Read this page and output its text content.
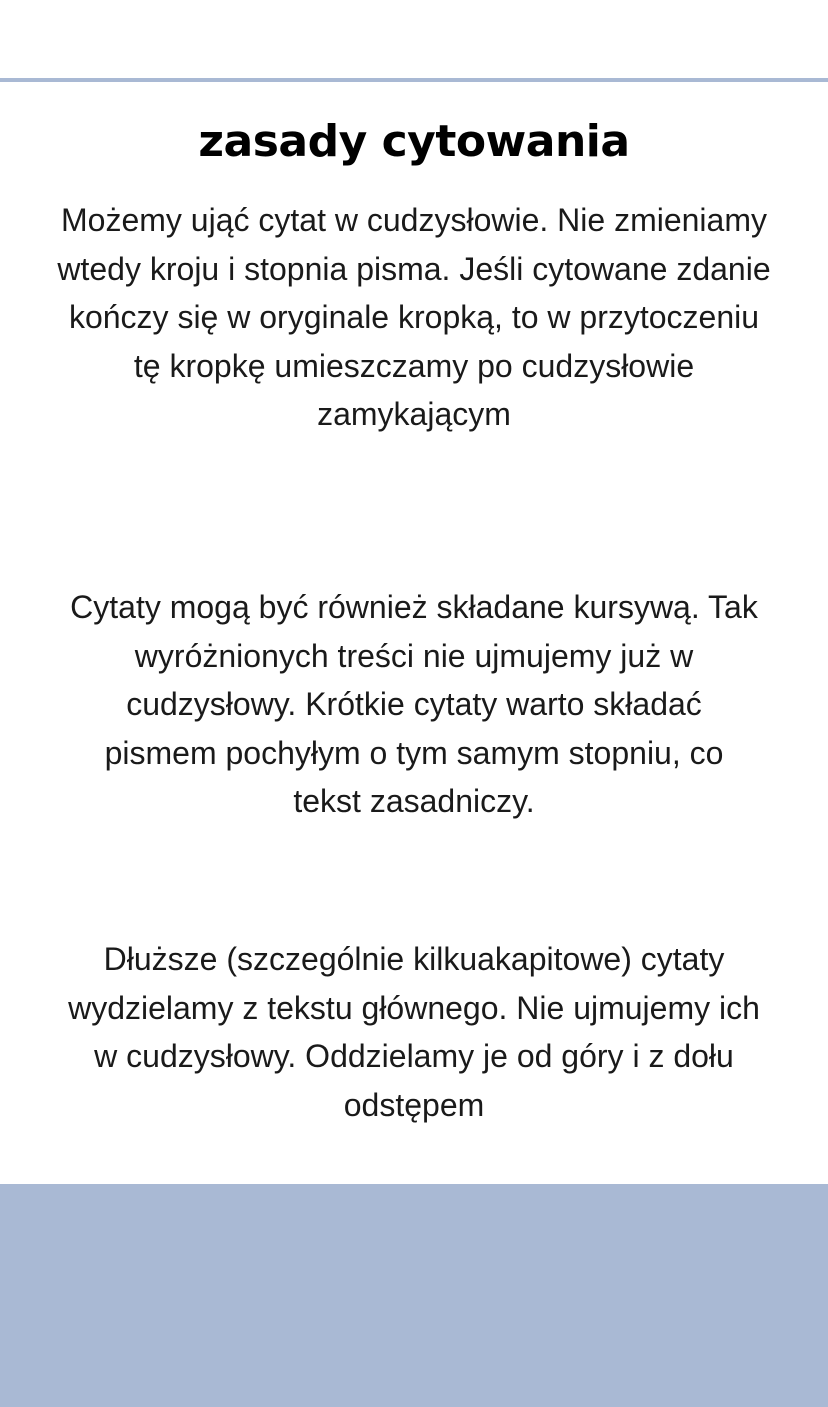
zasady cytowania

Możemy ująć cytat w cudzysłowie. Nie zmieniamy
wtedy kroju i stopnia pisma. Jeśli cytowane zdanie
kończy się w oryginale kropką, to w przytoczeniu
tę kropkę umieszczamy po cudzysłowie
zamykającym

Cytaty mogą być również składane kursywą. Tak
wyróżnionych treści nie ujmujemy już w
cudzysłowy. Krótkie cytaty warto składać
pismem pochyłym o tym samym stopniu, co
tekst zasadniczy.

Dłuższe (szczególnie kilkuakapitowe) cytaty
wydzielamy z tekstu głównego. Nie ujmujemy ich
w cudzysłowy. Oddzielamy je od góry i z dołu
odstępem
